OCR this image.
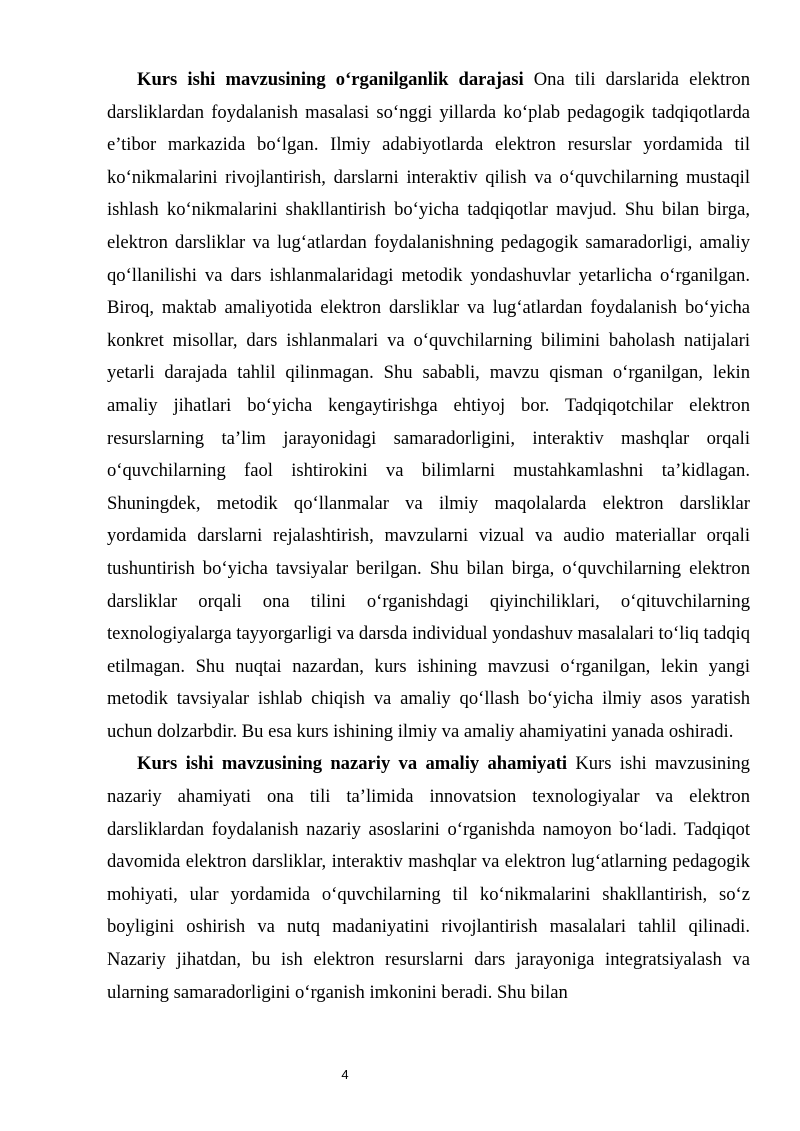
Kurs ishi mavzusining o‘rganilganlik darajasi Ona tili darslarida elektron darsliklardan foydalanish masalasi so‘nggi yillarda ko‘plab pedagogik tadqiqotlarda e’tibor markazida bo‘lgan. Ilmiy adabiyotlarda elektron resurslar yordamida til ko‘nikmalarini rivojlantirish, darslarni interaktiv qilish va o‘quvchilarning mustaqil ishlash ko‘nikmalarini shakllantirish bo‘yicha tadqiqotlar mavjud. Shu bilan birga, elektron darsliklar va lug‘atlardan foydalanishning pedagogik samaradorligi, amaliy qo‘llanilishi va dars ishlanmalaridagi metodik yondashuvlar yetarlicha o‘rganilgan. Biroq, maktab amaliyotida elektron darsliklar va lug‘atlardan foydalanish bo‘yicha konkret misollar, dars ishlanmalari va o‘quvchilarning bilimini baholash natijalari yetarli darajada tahlil qilinmagan. Shu sababli, mavzu qisman o‘rganilgan, lekin amaliy jihatlari bo‘yicha kengaytirishga ehtiyoj bor. Tadqiqotchilar elektron resurslarning ta’lim jarayonidagi samaradorligini, interaktiv mashqlar orqali o‘quvchilarning faol ishtirokini va bilimlarni mustahkamlashni ta’kidlagan. Shuningdek, metodik qo‘llanmalar va ilmiy maqolalarda elektron darsliklar yordamida darslarni rejalashtirish, mavzularni vizual va audio materiallar orqali tushuntirish bo‘yicha tavsiyalar berilgan. Shu bilan birga, o‘quvchilarning elektron darsliklar orqali ona tilini o‘rganishdagi qiyinchiliklari, o‘qituvchilarning texnologiyalarga tayyorgarligi va darsda individual yondashuv masalalari to‘liq tadqiq etilmagan. Shu nuqtai nazardan, kurs ishining mavzusi o‘rganilgan, lekin yangi metodik tavsiyalar ishlab chiqish va amaliy qo‘llash bo‘yicha ilmiy asos yaratish uchun dolzarbdir. Bu esa kurs ishining ilmiy va amaliy ahamiyatini yanada oshiradi.

Kurs ishi mavzusining nazariy va amaliy ahamiyati Kurs ishi mavzusining nazariy ahamiyati ona tili ta’limida innovatsion texnologiyalar va elektron darsliklardan foydalanish nazariy asoslarini o‘rganishda namoyon bo‘ladi. Tadqiqot davomida elektron darsliklar, interaktiv mashqlar va elektron lug‘atlarning pedagogik mohiyati, ular yordamida o‘quvchilarning til ko‘nikmalarini shakllantirish, so‘z boyligini oshirish va nutq madaniyatini rivojlantirish masalalari tahlil qilinadi. Nazariy jihatdan, bu ish elektron resurslarni dars jarayoniga integratsiyalash va ularning samaradorligini o‘rganish imkonini beradi. Shu bilan

4
